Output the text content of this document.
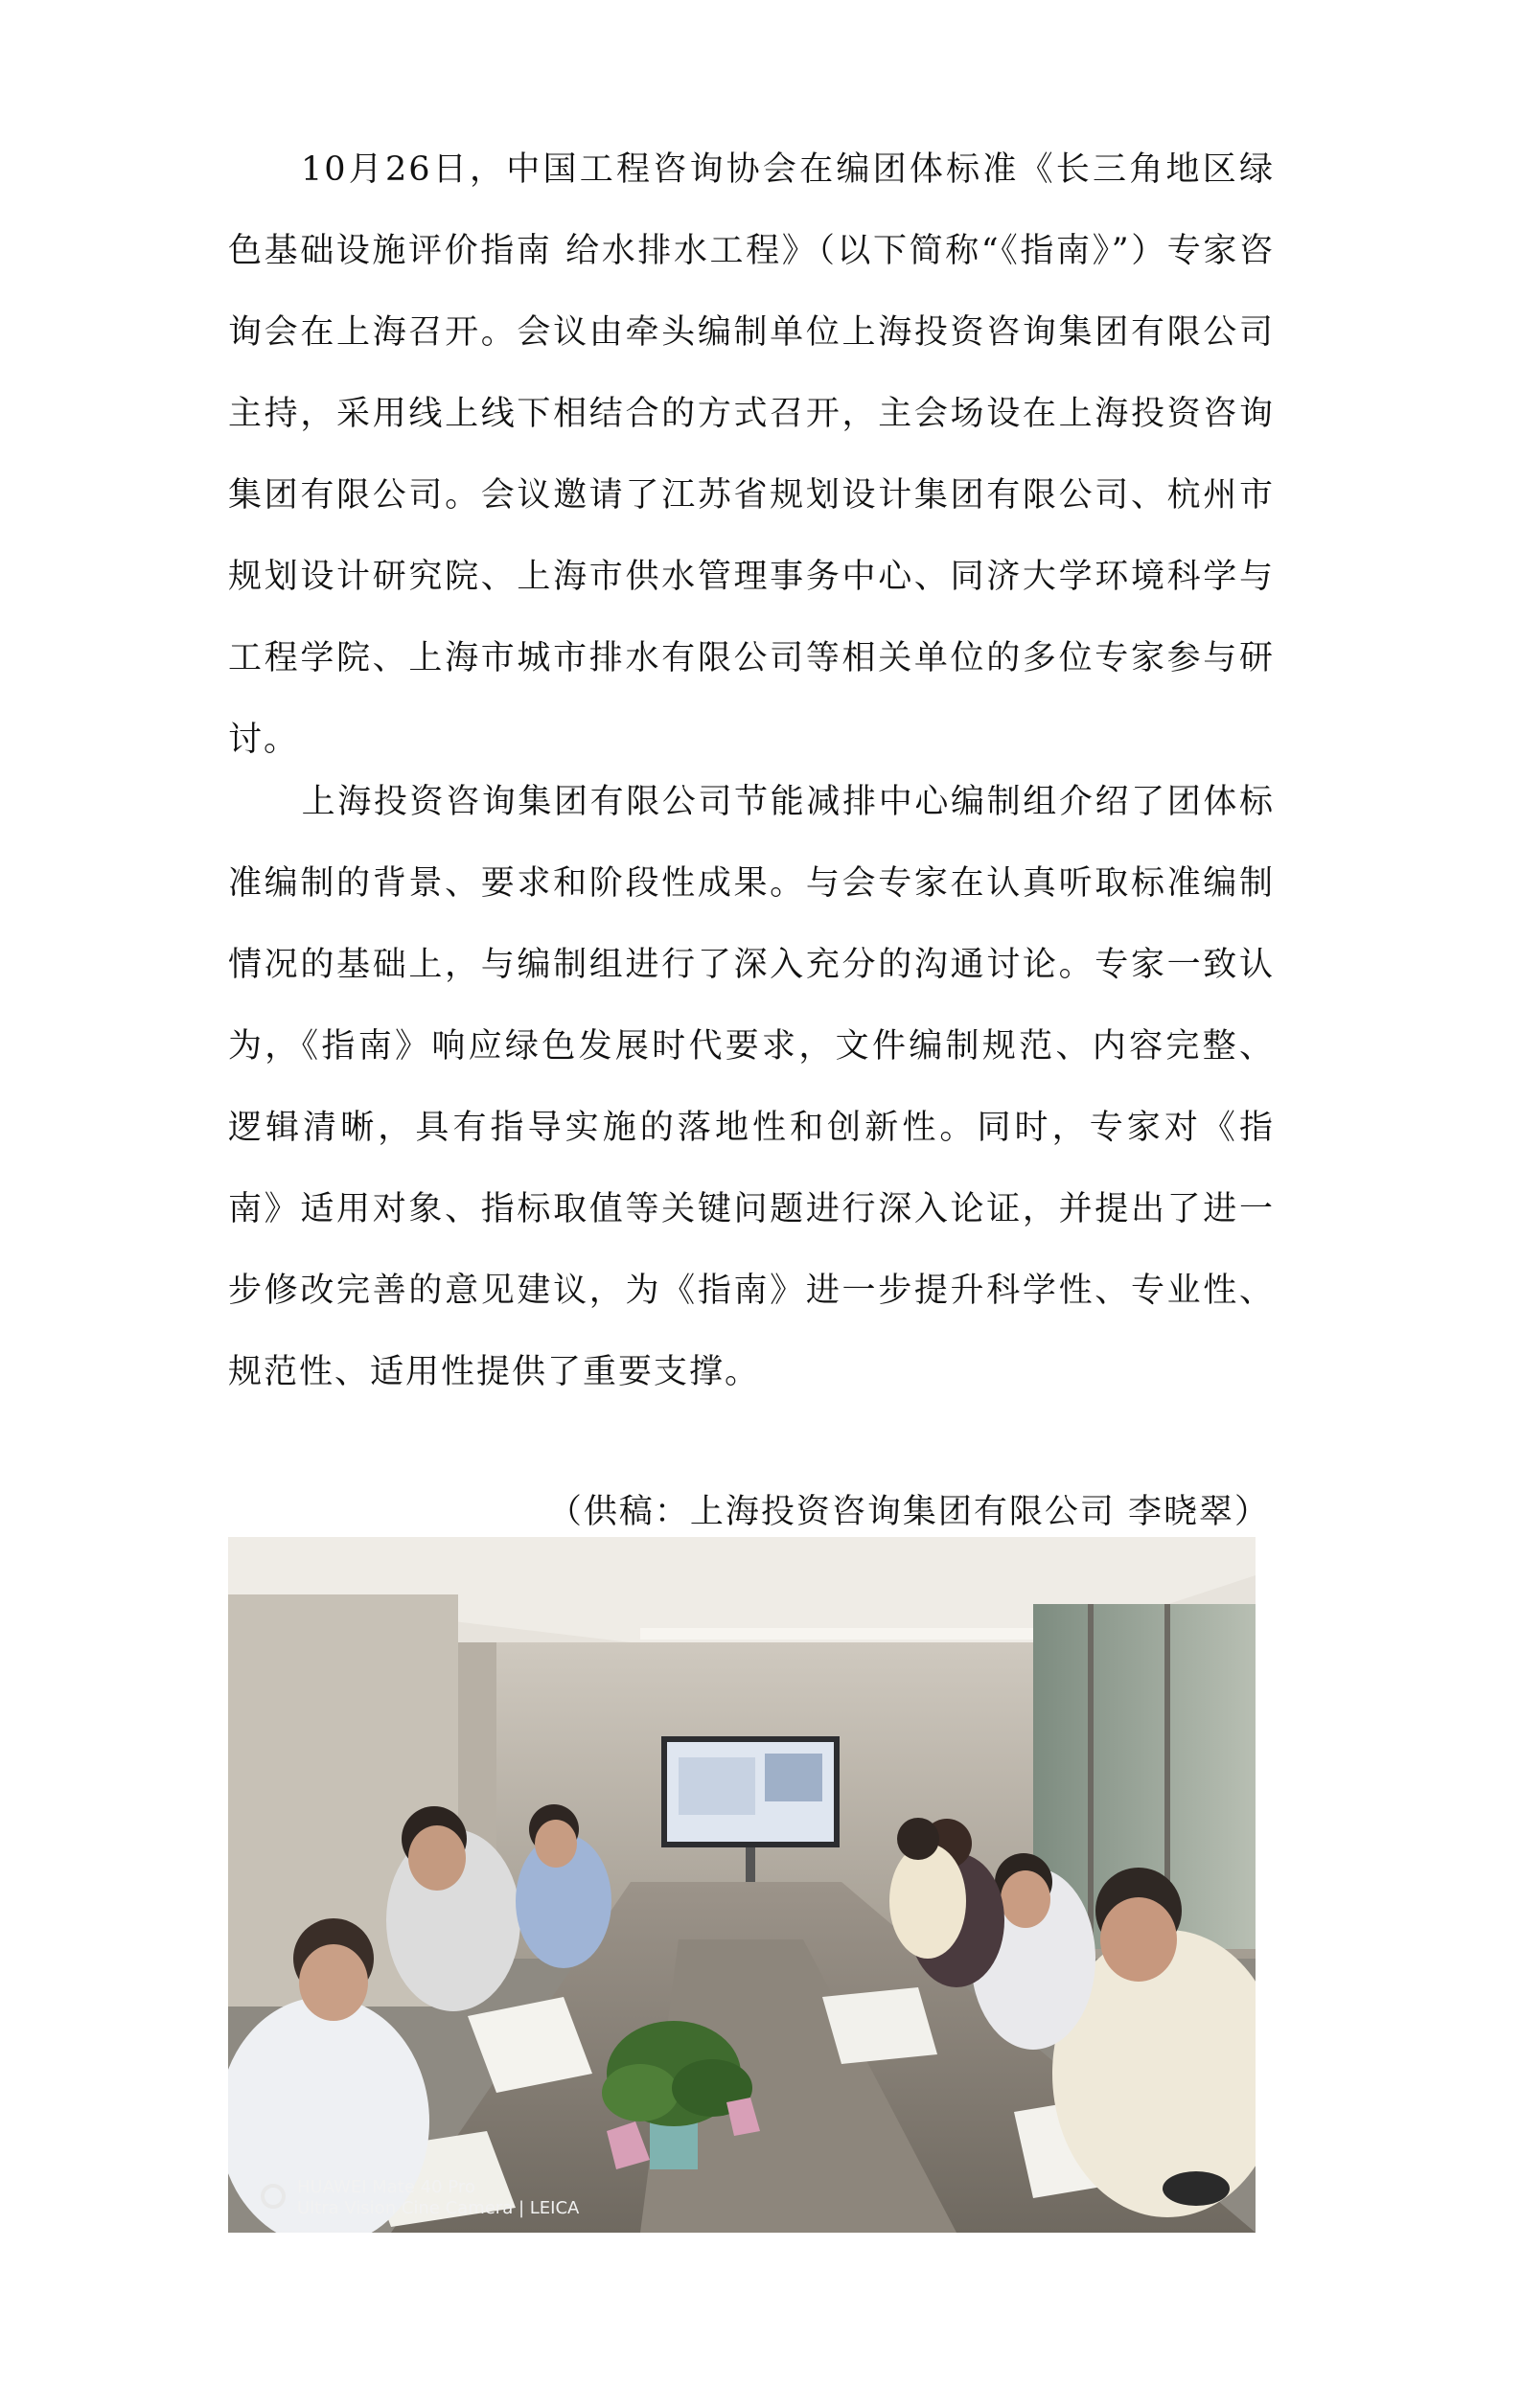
10月26日，中国工程咨询协会在编团体标准《长三角地区绿色基础设施评价指南 给水排水工程》（以下简称“《指南》”）专家咨询会在上海召开。会议由牵头编制单位上海投资咨询集团有限公司主持，采用线上线下相结合的方式召开，主会场设在上海投资咨询集团有限公司。会议邀请了江苏省规划设计集团有限公司、杭州市规划设计研究院、上海市供水管理事务中心、同济大学环境科学与工程学院、上海市城市排水有限公司等相关单位的多位专家参与研讨。

上海投资咨询集团有限公司节能减排中心编制组介绍了团体标准编制的背景、要求和阶段性成果。与会专家在认真听取标准编制情况的基础上，与编制组进行了深入充分的沟通讨论。专家一致认为，《指南》响应绿色发展时代要求，文件编制规范、内容完整、逻辑清晰，具有指导实施的落地性和创新性。同时，专家对《指南》适用对象、指标取值等关键问题进行深入论证，并提出了进一步修改完善的意见建议，为《指南》进一步提升科学性、专业性、规范性、适用性提供了重要支撑。

（供稿：上海投资咨询集团有限公司 李晓翠）
HUAWEI Mate 40 Pro
Ultra Vision Cine Camera | LEICA
